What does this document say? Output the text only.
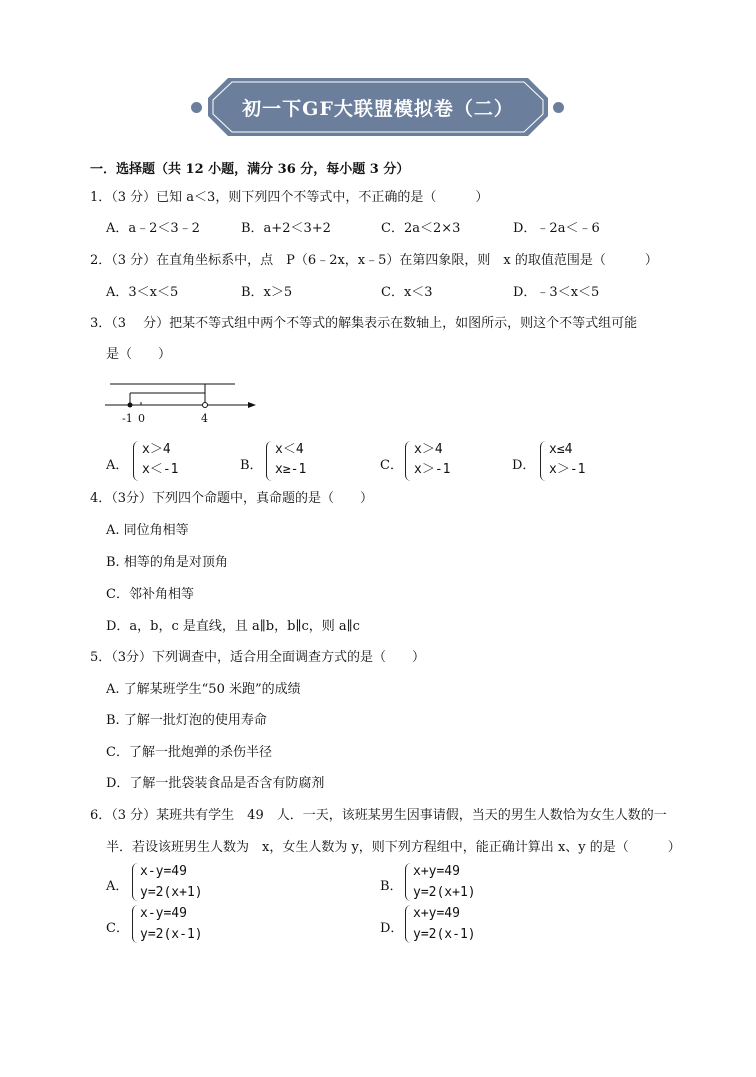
初一下GF大联盟模拟卷（二）
一．选择题（共 12 小题，满分 36 分，每小题 3 分）
1．（3 分）已知 a＜3，则下列四个不等式中，不正确的是（　　　）
A．a﹣2＜3﹣2	B．a+2＜3+2	C．2a＜2×3	D．﹣2a＜﹣6
2．（3 分）在直角坐标系中，点　P（6﹣2x，x﹣5）在第四象限，则　x 的取值范围是（　　　）
A．3＜x＜5	B．x＞5	C．x＜3	D．﹣3＜x＜5
3．（3　 分）把某不等式组中两个不等式的解集表示在数轴上，如图所示，则这个不等式组可能
是（　　）
-1 0	4
A．
x＞4
x＜-1	B．
x＜4
x≥-1	C．
x＞4
x＞-1	D．
x≤4
x＞-1
4．（3分）下列四个命题中，真命题的是（　　）
A. 同位角相等
B. 相等的角是对顶角
C．邻补角相等
D．a，b，c 是直线，且 a∥b，b∥c，则 a∥c
5．（3分）下列调查中，适合用全面调查方式的是（　　）
A. 了解某班学生“50 米跑”的成绩
B. 了解一批灯泡的使用寿命
C．了解一批炮弹的杀伤半径
D．了解一批袋装食品是否含有防腐剂
6．（3 分）某班共有学生　49　人．一天，该班某男生因事请假，当天的男生人数恰为女生人数的一
半．若设该班男生人数为　x，女生人数为 y，则下列方程组中，能正确计算出 x、y 的是（　　　）
A．
x-y=49
y=2(x+1)	B．
x+y=49
y=2(x+1)
C．
x-y=49
y=2(x-1)	D．
x+y=49
y=2(x-1)
